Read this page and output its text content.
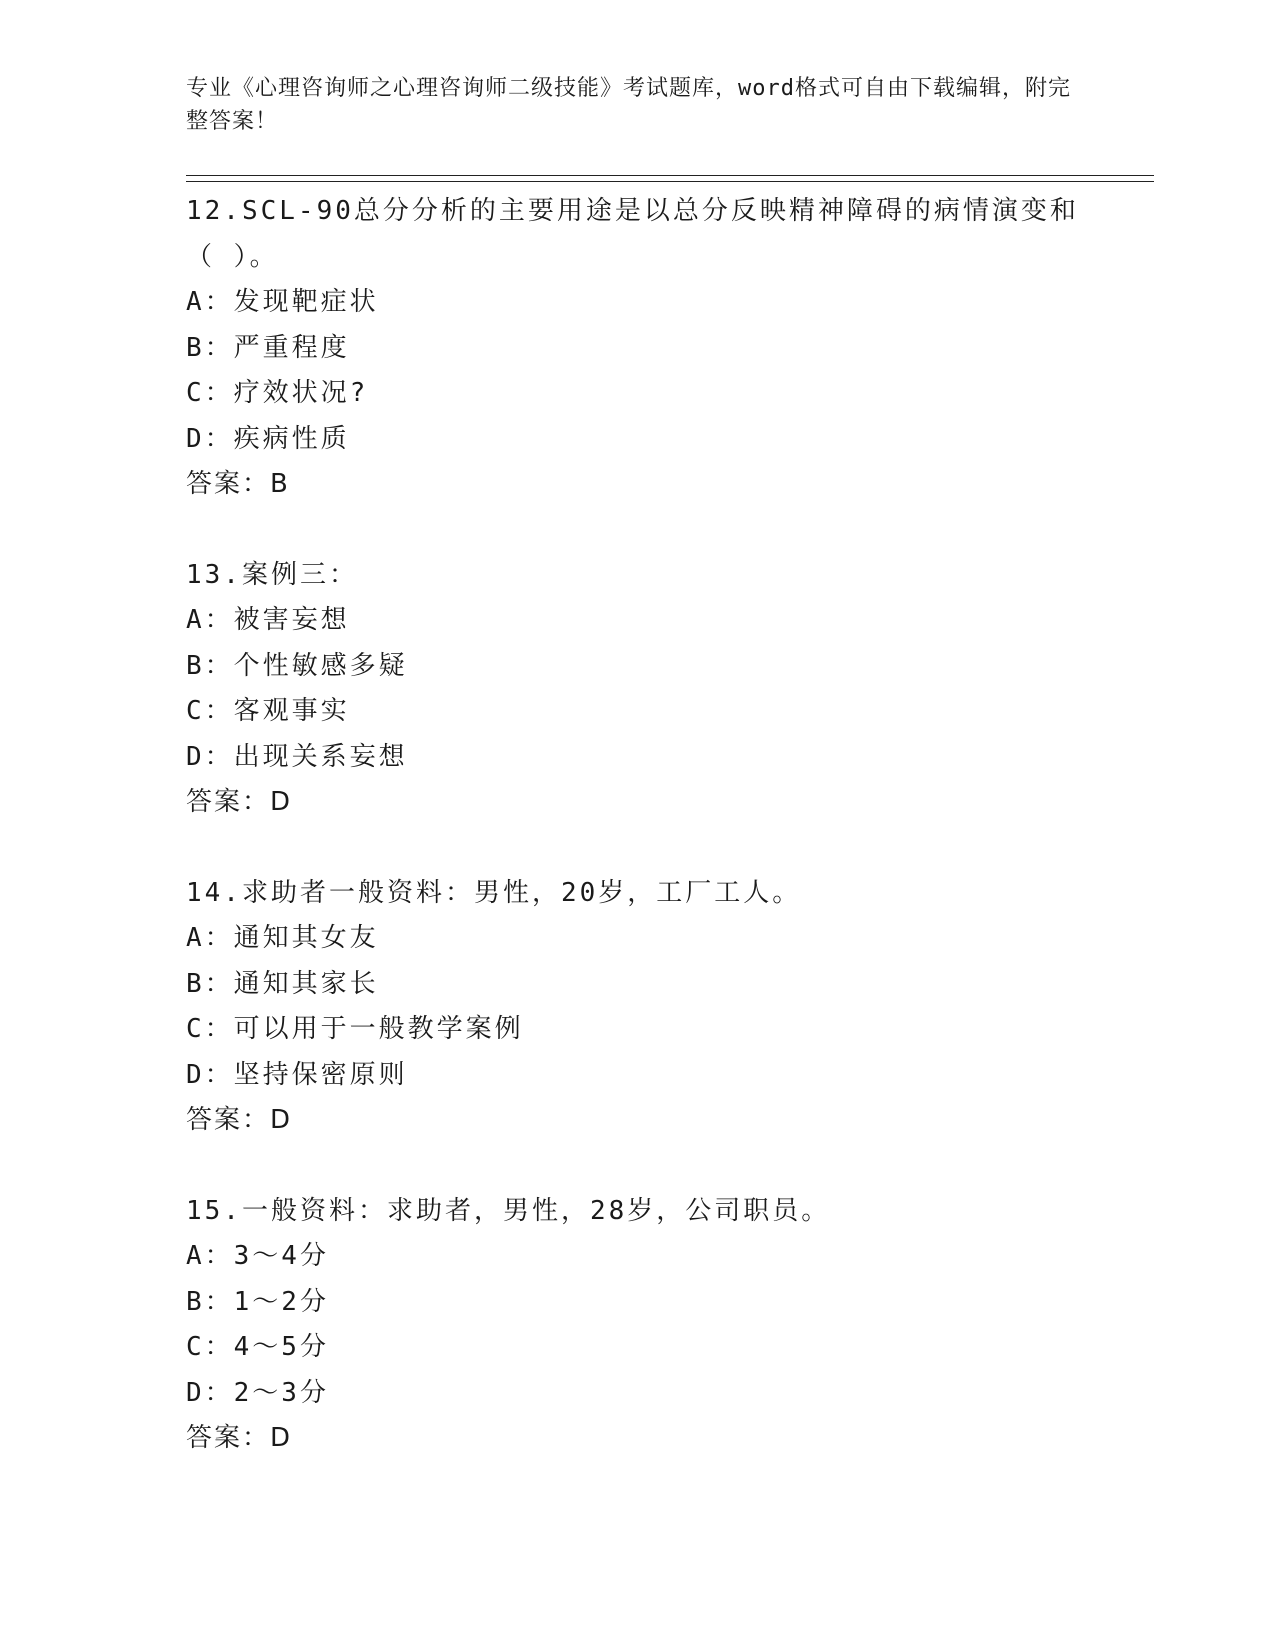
专业《心理咨询师之心理咨询师二级技能》考试题库，word格式可自由下载编辑，附完整答案！
12.SCL-90总分分析的主要用途是以总分反映精神障碍的病情演变和（ ）。
A：发现靶症状
B：严重程度
C：疗效状况?
D：疾病性质
答案：B
13.案例三：
A：被害妄想
B：个性敏感多疑
C：客观事实
D：出现关系妄想
答案：D
14.求助者一般资料：男性，20岁，工厂工人。
A：通知其女友
B：通知其家长
C：可以用于一般教学案例
D：坚持保密原则
答案：D
15.一般资料：求助者，男性，28岁，公司职员。
A：3～4分
B：1～2分
C：4～5分
D：2～3分
答案：D
